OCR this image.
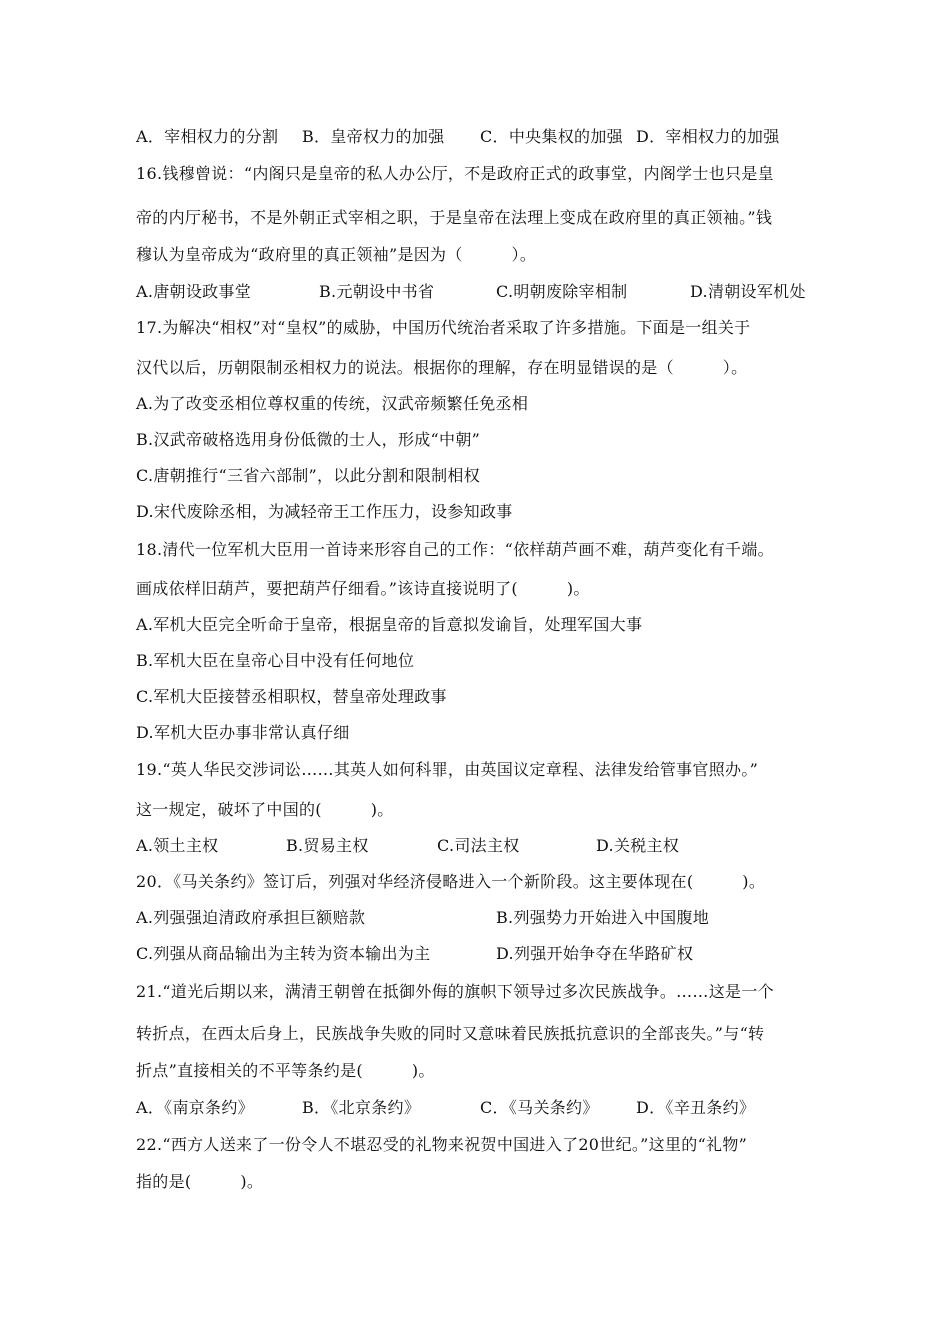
A．宰相权力的分割 B．皇帝权力的加强 C．中央集权的加强 D．宰相权力的加强
16.钱穆曾说：“内阁只是皇帝的私人办公厅，不是政府正式的政事堂，内阁学士也只是皇
帝的内厅秘书，不是外朝正式宰相之职，于是皇帝在法理上变成在政府里的真正领袖。”钱
穆认为皇帝成为“政府里的真正领袖”是因为（　　　）。
A.唐朝设政事堂	B.元朝设中书省	C.明朝废除宰相制	D.清朝设军机处
17.为解决“相权”对“皇权”的威胁，中国历代统治者采取了许多措施。下面是一组关于
汉代以后，历朝限制丞相权力的说法。根据你的理解，存在明显错误的是（　　　）。
A.为了改变丞相位尊权重的传统，汉武帝频繁任免丞相
B.汉武帝破格选用身份低微的士人，形成“中朝”
C.唐朝推行“三省六部制”，以此分割和限制相权
D.宋代废除丞相，为减轻帝王工作压力，设参知政事
18.清代一位军机大臣用一首诗来形容自己的工作：“依样葫芦画不难，葫芦变化有千端。
画成依样旧葫芦，要把葫芦仔细看。”该诗直接说明了(　　　)。
A.军机大臣完全听命于皇帝，根据皇帝的旨意拟发谕旨，处理军国大事
B.军机大臣在皇帝心目中没有任何地位
C.军机大臣接替丞相职权，替皇帝处理政事
D.军机大臣办事非常认真仔细
19.“英人华民交涉词讼……其英人如何科罪，由英国议定章程、法律发给管事官照办。”
这一规定，破坏了中国的(　　　)。
A.领土主权	B.贸易主权	C.司法主权	D.关税主权
20．《马关条约》签订后，列强对华经济侵略进入一个新阶段。这主要体现在(　　　)。
A.列强强迫清政府承担巨额赔款	B.列强势力开始进入中国腹地
C.列强从商品输出为主转为资本输出为主	D.列强开始争夺在华路矿权
21.“道光后期以来，满清王朝曾在抵御外侮的旗帜下领导过多次民族战争。……这是一个
转折点，在西太后身上，民族战争失败的同时又意味着民族抵抗意识的全部丧失。”与“转
折点”直接相关的不平等条约是(　　　)。
A．《南京条约》	B．《北京条约》	C．《马关条约》 D．《辛丑条约》
22.“西方人送来了一份令人不堪忍受的礼物来祝贺中国进入了20世纪。”这里的“礼物”
指的是(　　　)。
